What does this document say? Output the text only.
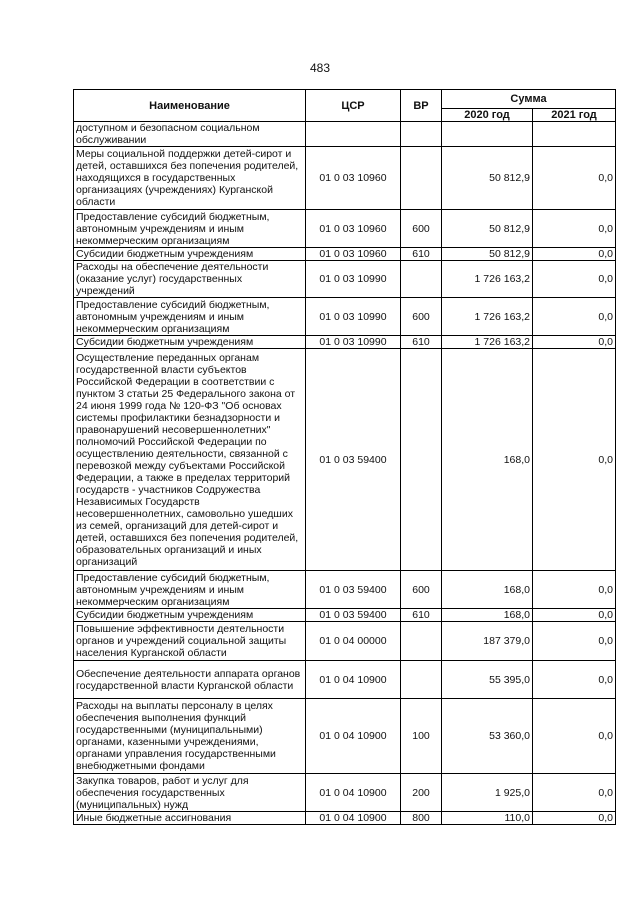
483
Наименование	ЦСР	ВР	Сумма	
			2020 год	2021 год
доступном и безопасном социальном обслуживании				
Меры социальной поддержки детей-сирот и детей, оставшихся без попечения родителей, находящихся в государственных организациях (учреждениях) Курганской области	01 0 03 10960		50 812,9	0,0
Предоставление субсидий бюджетным, автономным учреждениям и иным некоммерческим организациям	01 0 03 10960	600	50 812,9	0,0
Субсидии бюджетным учреждениям	01 0 03 10960	610	50 812,9	0,0
Расходы на обеспечение деятельности (оказание услуг) государственных учреждений	01 0 03 10990		1 726 163,2	0,0
Предоставление субсидий бюджетным, автономным учреждениям и иным некоммерческим организациям	01 0 03 10990	600	1 726 163,2	0,0
Субсидии бюджетным учреждениям	01 0 03 10990	610	1 726 163,2	0,0
Осуществление переданных органам государственной власти субъектов Российской Федерации в соответствии с пунктом 3 статьи 25 Федерального закона от 24 июня 1999 года № 120-ФЗ "Об основах системы профилактики безнадзорности и правонарушений несовершеннолетних" полномочий Российской Федерации по осуществлению деятельности, связанной с перевозкой между субъектами Российской Федерации, а также в пределах территорий государств - участников Содружества Независимых Государств несовершеннолетних, самовольно ушедших из семей, организаций для детей-сирот и детей, оставшихся без попечения родителей, образовательных организаций и иных организаций	01 0 03 59400		168,0	0,0
Предоставление субсидий бюджетным, автономным учреждениям и иным некоммерческим организациям	01 0 03 59400	600	168,0	0,0
Субсидии бюджетным учреждениям	01 0 03 59400	610	168,0	0,0
Повышение эффективности деятельности органов и учреждений социальной защиты населения Курганской области	01 0 04 00000		187 379,0	0,0
Обеспечение деятельности аппарата органов государственной власти Курганской области	01 0 04 10900		55 395,0	0,0
Расходы на выплаты персоналу в целях обеспечения выполнения функций государственными (муниципальными) органами, казенными учреждениями, органами управления государственными внебюджетными фондами	01 0 04 10900	100	53 360,0	0,0
Закупка товаров, работ и услуг для обеспечения государственных (муниципальных) нужд	01 0 04 10900	200	1 925,0	0,0
Иные бюджетные ассигнования	01 0 04 10900	800	110,0	0,0
